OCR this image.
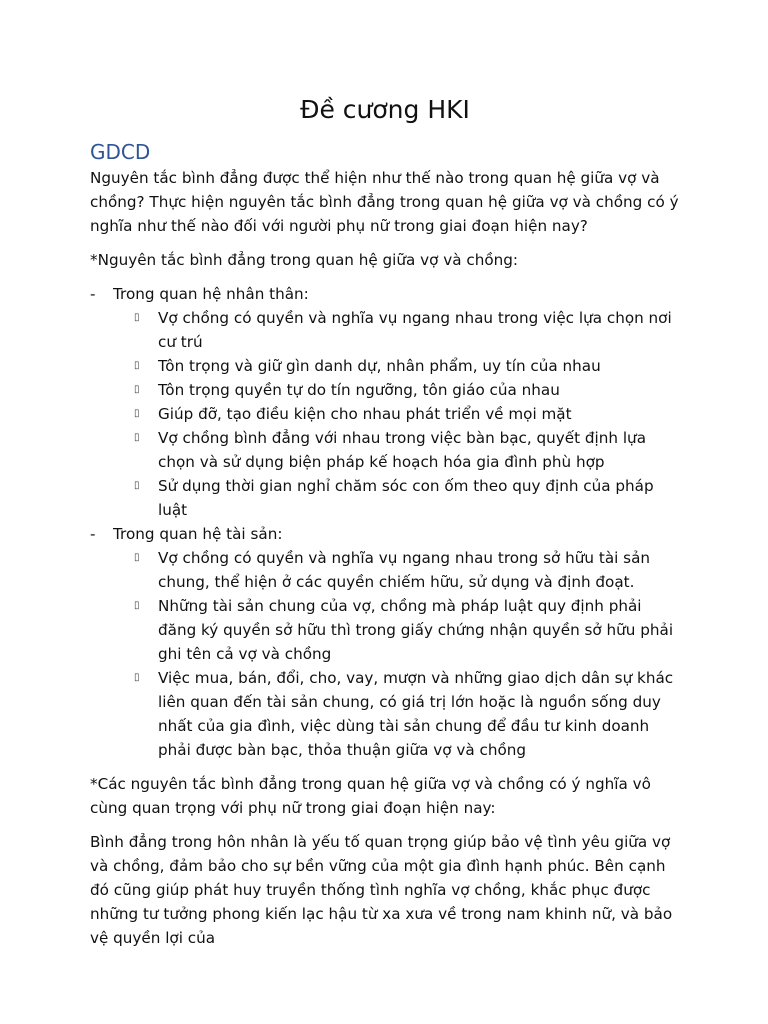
Đề cương HKI
GDCD

Nguyên tắc bình đẳng được thể hiện như thế nào trong quan hệ giữa vợ và chồng? Thực hiện nguyên tắc bình đẳng trong quan hệ giữa vợ và chồng có ý nghĩa như thế nào đối với người phụ nữ trong giai đoạn hiện nay?

*Nguyên tắc bình đẳng trong quan hệ giữa vợ và chồng:

- Trong quan hệ nhân thân:
▯ Vợ chồng có quyền và nghĩa vụ ngang nhau trong việc lựa chọn nơi cư trú
▯ Tôn trọng và giữ gìn danh dự, nhân phẩm, uy tín của nhau
▯ Tôn trọng quyền tự do tín ngưỡng, tôn giáo của nhau
▯ Giúp đỡ, tạo điều kiện cho nhau phát triển về mọi mặt
▯ Vợ chồng bình đẳng với nhau trong việc bàn bạc, quyết định lựa chọn và sử dụng biện pháp kế hoạch hóa gia đình phù hợp
▯ Sử dụng thời gian nghỉ chăm sóc con ốm theo quy định của pháp luật
- Trong quan hệ tài sản:
▯ Vợ chồng có quyền và nghĩa vụ ngang nhau trong sở hữu tài sản chung, thể hiện ở các quyền chiếm hữu, sử dụng và định đoạt.
▯ Những tài sản chung của vợ, chồng mà pháp luật quy định phải đăng ký quyền sở hữu thì trong giấy chứng nhận quyền sở hữu phải ghi tên cả vợ và chồng
▯ Việc mua, bán, đổi, cho, vay, mượn và những giao dịch dân sự khác liên quan đến tài sản chung, có giá trị lớn hoặc là nguồn sống duy nhất của gia đình, việc dùng tài sản chung để đầu tư kinh doanh phải được bàn bạc, thỏa thuận giữa vợ và chồng

*Các nguyên tắc bình đẳng trong quan hệ giữa vợ và chồng có ý nghĩa vô cùng quan trọng với phụ nữ trong giai đoạn hiện nay:

Bình đẳng trong hôn nhân là yếu tố quan trọng giúp bảo vệ tình yêu giữa vợ và chồng, đảm bảo cho sự bền vững của một gia đình hạnh phúc. Bên cạnh đó cũng giúp phát huy truyền thống tình nghĩa vợ chồng, khắc phục được những tư tưởng phong kiến lạc hậu từ xa xưa về trong nam khinh nữ, và bảo vệ quyền lợi của
